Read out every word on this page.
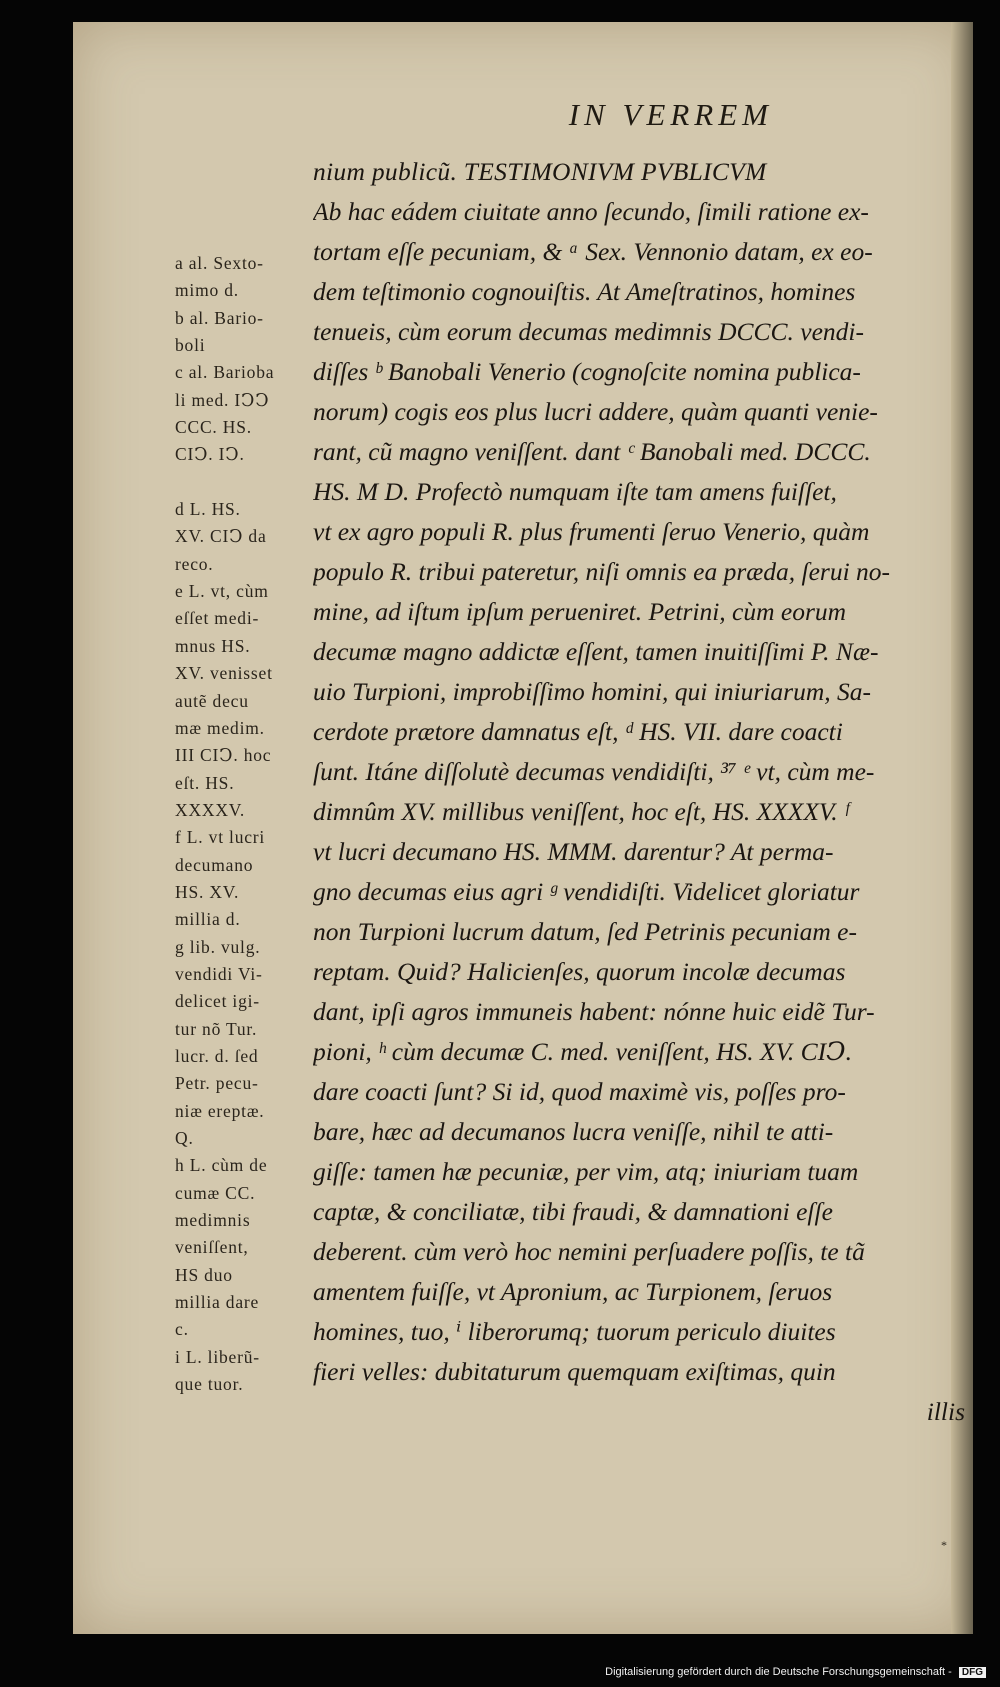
IN VERREM
a al. Sexto-
mimo d.
b al. Bario-
boli
c al. Barioba
li med. IↃↃ
CCC. HS.
CIↃ. IↃ.
d L. HS.
XV. CIↃ da
reco.
e L. vt, cùm
eſſet medi-
mnus HS.
XV. venisset
autẽ decu
mæ medim.
III CIↃ. hoc
eſt. HS.
XXXXV.
f L. vt lucri
decumano
HS. XV.
millia d.
g lib. vulg.
vendidi Vi-
delicet igi-
tur nõ Tur.
lucr. d. ſed
Petr. pecu-
niæ ereptæ.
Q.
h L. cùm de
cumæ CC.
medimnis
veniſſent,
HS duo
millia dare
c.
i L. liberũ-
que tuor.
nium publicũ. TESTIMONIVM PVBLICVM
Ab hac eádem ciuitate anno ſecundo, ſimili ratione ex-
tortam eſſe pecuniam, & ᵃ Sex. Vennonio datam, ex eo-
dem teſtimonio cognouiſtis. At Ameſtratinos, homines
tenueis, cùm eorum decumas medimnis DCCC. vendi-
diſſes ᵇ Banobali Venerio (cognoſcite nomina publica-
norum) cogis eos plus lucri addere, quàm quanti venie-
rant, cũ magno veniſſent. dant ᶜ Banobali med. DCCC.
HS. M D. Profectò numquam iſte tam amens fuiſſet,
vt ex agro populi R. plus frumenti ſeruo Venerio, quàm
populo R. tribui pateretur, niſi omnis ea præda, ſerui no-
mine, ad iſtum ipſum perueniret. Petrini, cùm eorum
decumæ magno addictæ eſſent, tamen inuitiſſimi P. Næ-
uio Turpioni, improbiſſimo homini, qui iniuriarum, Sa-
cerdote prætore damnatus eſt, ᵈ HS. VII. dare coacti
ſunt. Itáne diſſolutè decumas vendidiſti, ³⁷ ᵉ vt, cùm me-
dimnûm XV. millibus veniſſent, hoc eſt, HS. XXXXV. ᶠ
vt lucri decumano HS. MMM. darentur? At perma-
gno decumas eius agri ᵍ vendidiſti. Videlicet gloriatur
non Turpioni lucrum datum, ſed Petrinis pecuniam e-
reptam. Quid? Halicienſes, quorum incolæ decumas
dant, ipſi agros immuneis habent: nónne huic eidẽ Tur-
pioni, ʰ cùm decumæ C. med. veniſſent, HS. XV. CIↃ.
dare coacti ſunt? Si id, quod maximè vis, poſſes pro-
bare, hæc ad decumanos lucra veniſſe, nihil te atti-
giſſe: tamen hæ pecuniæ, per vim, atq; iniuriam tuam
captæ, & conciliatæ, tibi fraudi, & damnationi eſſe
deberent. cùm verò hoc nemini perſuadere poſſis, te tã
amentem fuiſſe, vt Apronium, ac Turpionem, ſeruos
homines, tuo, ⁱ liberorumq; tuorum periculo diuites
fieri velles: dubitaturum quemquam exiſtimas, quin
illis
*
Digitalisierung gefördert durch die Deutsche Forschungsgemeinschaft - DFG
